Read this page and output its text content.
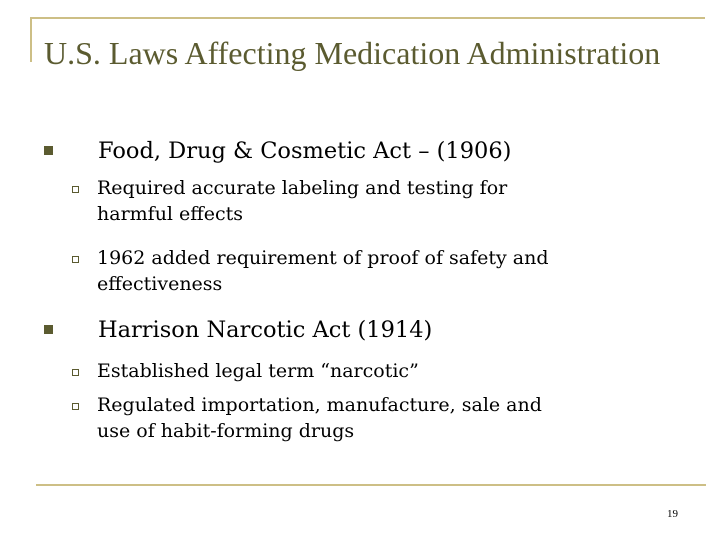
U.S. Laws Affecting Medication Administration
Food, Drug & Cosmetic Act – (1906)
Required accurate labeling and testing for
harmful effects
1962 added requirement of proof of safety and
effectiveness
Harrison Narcotic Act (1914)
Established legal term “narcotic”
Regulated importation, manufacture, sale and
use of habit-forming drugs
19
